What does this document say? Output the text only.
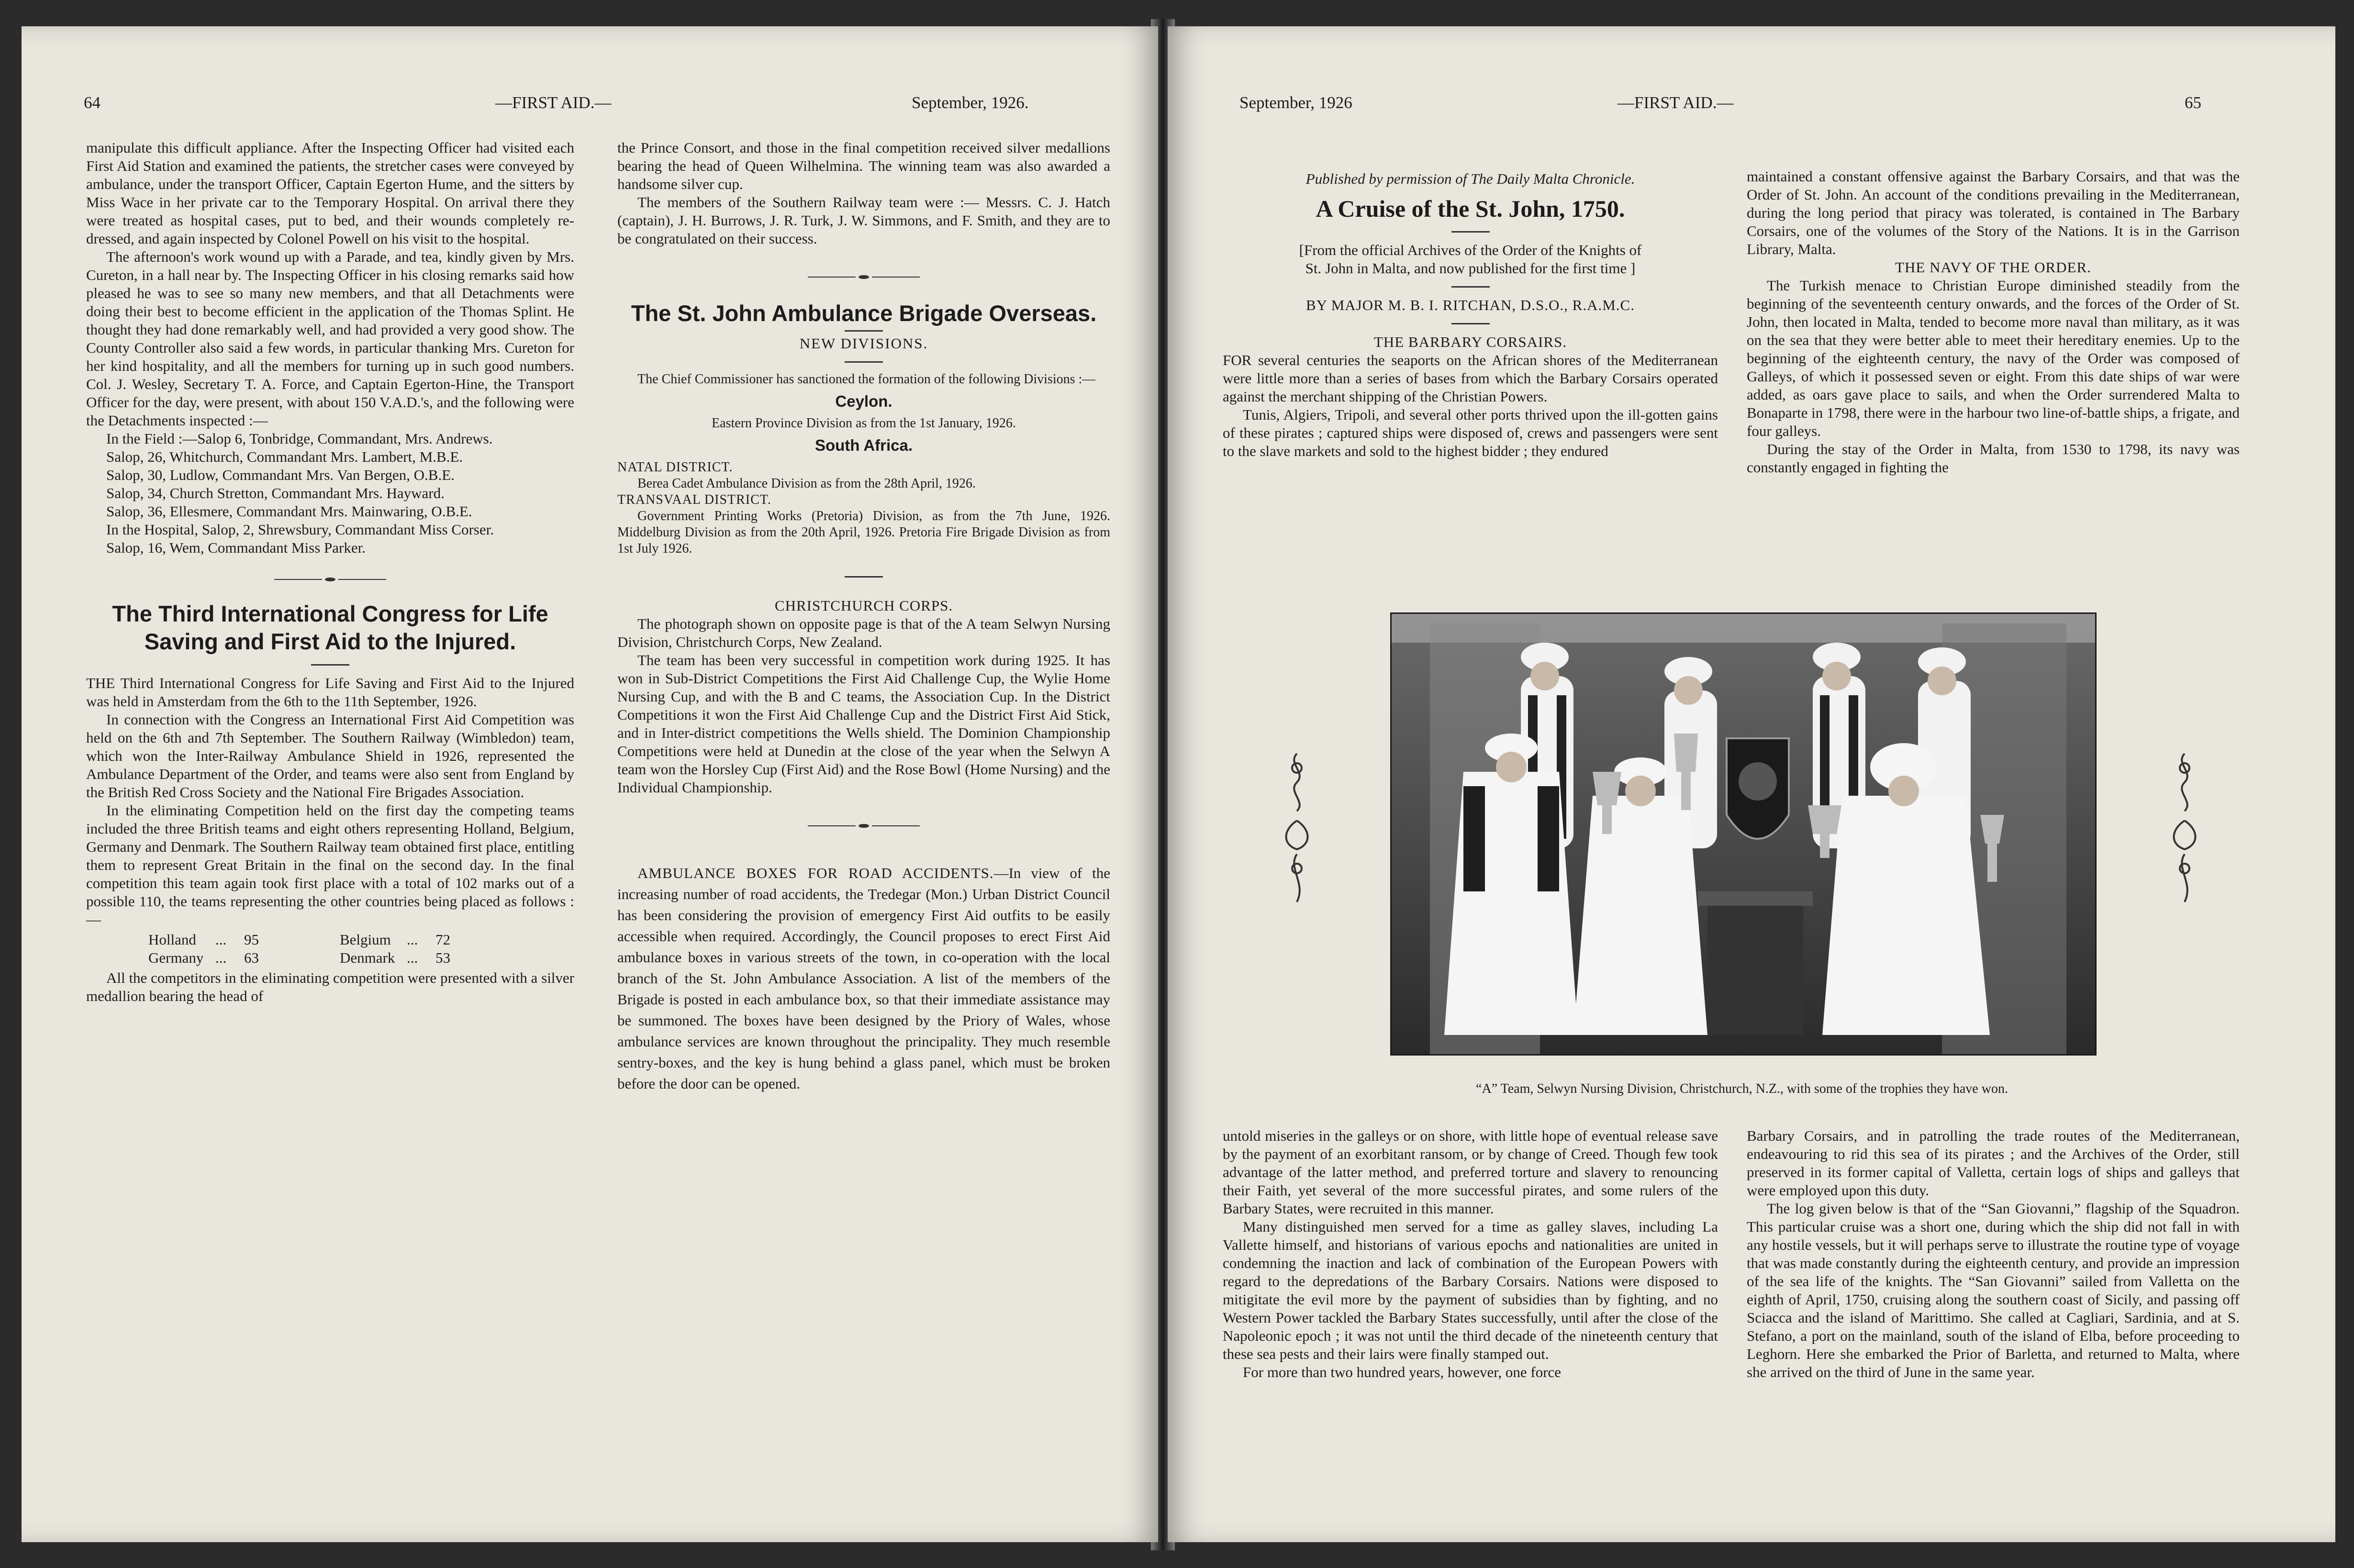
64	—FIRST AID.—	September, 1926.

manipulate this difficult appliance. After the Inspecting Officer had visited each First Aid Station and examined the patients, the stretcher cases were conveyed by ambulance, under the transport Officer, Captain Egerton Hume, and the sitters by Miss Wace in her private car to the Temporary Hospital. On arrival there they were treated as hospital cases, put to bed, and their wounds completely re-dressed, and again inspected by Colonel Powell on his visit to the hospital.

The afternoon's work wound up with a Parade, and tea, kindly given by Mrs. Cureton, in a hall near by. The Inspecting Officer in his closing remarks said how pleased he was to see so many new members, and that all Detachments were doing their best to become efficient in the application of the Thomas Splint. He thought they had done remarkably well, and had provided a very good show. The County Controller also said a few words, in particular thanking Mrs. Cureton for her kind hospitality, and all the members for turning up in such good numbers. Col. J. Wesley, Secretary T. A. Force, and Captain Egerton-Hine, the Transport Officer for the day, were present, with about 150 V.A.D.'s, and the following were the Detachments inspected :—

In the Field :—Salop 6, Tonbridge, Commandant, Mrs. Andrews.

Salop, 26, Whitchurch, Commandant Mrs. Lambert, M.B.E.

Salop, 30, Ludlow, Commandant Mrs. Van Bergen, O.B.E.

Salop, 34, Church Stretton, Commandant Mrs. Hayward.

Salop, 36, Ellesmere, Commandant Mrs. Mainwaring, O.B.E.

In the Hospital, Salop, 2, Shrewsbury, Commandant Miss Corser.

Salop, 16, Wem, Commandant Miss Parker.

The Third International Congress for Life Saving and First Aid to the Injured.

THE Third International Congress for Life Saving and First Aid to the Injured was held in Amsterdam from the 6th to the 11th September, 1926.

In connection with the Congress an International First Aid Competition was held on the 6th and 7th September. The Southern Railway (Wimbledon) team, which won the Inter-Railway Ambulance Shield in 1926, represented the Ambulance Department of the Order, and teams were also sent from England by the British Red Cross Society and the National Fire Brigades Association.

In the eliminating Competition held on the first day the competing teams included the three British teams and eight others representing Holland, Belgium, Germany and Denmark. The Southern Railway team obtained first place, entitling them to represent Great Britain in the final on the second day. In the final competition this team again took first place with a total of 102 marks out of a possible 110, the teams representing the other countries being placed as follows :—

Holland	...	95	Belgium	...	72
Germany ...	63	Denmark ...	53

All the competitors in the eliminating competition were presented with a silver medallion bearing the head of

the Prince Consort, and those in the final competition received silver medallions bearing the head of Queen Wilhelmina. The winning team was also awarded a handsome silver cup.

The members of the Southern Railway team were :— Messrs. C. J. Hatch (captain), J. H. Burrows, J. R. Turk, J. W. Simmons, and F. Smith, and they are to be congratulated on their success.

The St. John Ambulance Brigade Overseas.

NEW DIVISIONS.

The Chief Commissioner has sanctioned the formation of the following Divisions :—

Ceylon.

Eastern Province Division as from the 1st January, 1926.

South Africa.

NATAL DISTRICT.

Berea Cadet Ambulance Division as from the 28th April, 1926.

TRANSVAAL DISTRICT.

Government Printing Works (Pretoria) Division, as from the 7th June, 1926. Middelburg Division as from the 20th April, 1926. Pretoria Fire Brigade Division as from 1st July 1926.

CHRISTCHURCH CORPS.

The photograph shown on opposite page is that of the A team Selwyn Nursing Division, Christchurch Corps, New Zealand.

The team has been very successful in competition work during 1925. It has won in Sub-District Competitions the First Aid Challenge Cup, the Wylie Home Nursing Cup, and with the B and C teams, the Association Cup. In the District Competitions it won the First Aid Challenge Cup and the District First Aid Stick, and in Inter-district competitions the Wells shield. The Dominion Championship Competitions were held at Dunedin at the close of the year when the Selwyn A team won the Horsley Cup (First Aid) and the Rose Bowl (Home Nursing) and the Individual Championship.

AMBULANCE BOXES FOR ROAD ACCIDENTS.—In view of the increasing number of road accidents, the Tredegar (Mon.) Urban District Council has been considering the provision of emergency First Aid outfits to be easily accessible when required. Accordingly, the Council proposes to erect First Aid ambulance boxes in various streets of the town, in co-operation with the local branch of the St. John Ambulance Association. A list of the members of the Brigade is posted in each ambulance box, so that their immediate assistance may be summoned. The boxes have been designed by the Priory of Wales, whose ambulance services are known throughout the principality. They much resemble sentry-boxes, and the key is hung behind a glass panel, which must be broken before the door can be opened.

September, 1926	—FIRST AID.—	65

Published by permission of The Daily Malta Chronicle.

A Cruise of the St. John, 1750.

[From the official Archives of the Order of the Knights of St. John in Malta, and now published for the first time ]

BY MAJOR M. B. I. RITCHAN, D.S.O., R.A.M.C.

THE BARBARY CORSAIRS.

FOR several centuries the seaports on the African shores of the Mediterranean were little more than a series of bases from which the Barbary Corsairs operated against the merchant shipping of the Christian Powers.

Tunis, Algiers, Tripoli, and several other ports thrived upon the ill-gotten gains of these pirates ; captured ships were disposed of, crews and passengers were sent to the slave markets and sold to the highest bidder ; they endured

maintained a constant offensive against the Barbary Corsairs, and that was the Order of St. John. An account of the conditions prevailing in the Mediterranean, during the long period that piracy was tolerated, is contained in The Barbary Corsairs, one of the volumes of the Story of the Nations. It is in the Garrison Library, Malta.

THE NAVY OF THE ORDER.

The Turkish menace to Christian Europe diminished steadily from the beginning of the seventeenth century onwards, and the forces of the Order of St. John, then located in Malta, tended to become more naval than military, as it was on the sea that they were better able to meet their hereditary enemies. Up to the beginning of the eighteenth century, the navy of the Order was composed of Galleys, of which it possessed seven or eight. From this date ships of war were added, as oars gave place to sails, and when the Order surrendered Malta to Bonaparte in 1798, there were in the harbour two line-of-battle ships, a frigate, and four galleys.

During the stay of the Order in Malta, from 1530 to 1798, its navy was constantly engaged in fighting the

“A” Team, Selwyn Nursing Division, Christchurch, N.Z., with some of the trophies they have won.

untold miseries in the galleys or on shore, with little hope of eventual release save by the payment of an exorbitant ransom, or by change of Creed. Though few took advantage of the latter method, and preferred torture and slavery to renouncing their Faith, yet several of the more successful pirates, and some rulers of the Barbary States, were recruited in this manner.

Many distinguished men served for a time as galley slaves, including La Vallette himself, and historians of various epochs and nationalities are united in condemning the inaction and lack of combination of the European Powers with regard to the depredations of the Barbary Corsairs. Nations were disposed to mitigitate the evil more by the payment of subsidies than by fighting, and no Western Power tackled the Barbary States successfully, until after the close of the Napoleonic epoch ; it was not until the third decade of the nineteenth century that these sea pests and their lairs were finally stamped out.

For more than two hundred years, however, one force

Barbary Corsairs, and in patrolling the trade routes of the Mediterranean, endeavouring to rid this sea of its pirates ; and the Archives of the Order, still preserved in its former capital of Valletta, certain logs of ships and galleys that were employed upon this duty.

The log given below is that of the “San Giovanni,” flagship of the Squadron. This particular cruise was a short one, during which the ship did not fall in with any hostile vessels, but it will perhaps serve to illustrate the routine type of voyage that was made constantly during the eighteenth century, and provide an impression of the sea life of the knights. The “San Giovanni” sailed from Valletta on the eighth of April, 1750, cruising along the southern coast of Sicily, and passing off Sciacca and the island of Marittimo. She called at Cagliari, Sardinia, and at S. Stefano, a port on the mainland, south of the island of Elba, before proceeding to Leghorn. Here she embarked the Prior of Barletta, and returned to Malta, where she arrived on the third of June in the same year.
